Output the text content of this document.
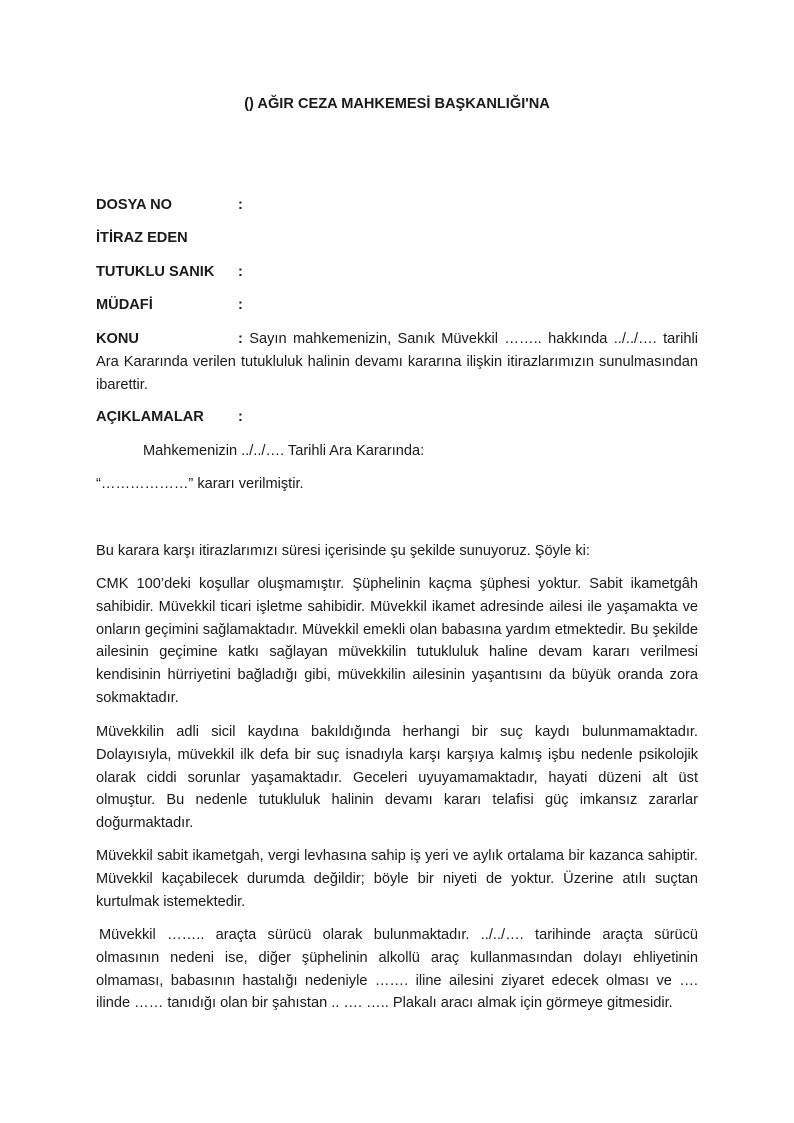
() AĞIR CEZA MAHKEMESİ BAŞKANLIĞI'NA
DOSYA NO	:
İTİRAZ EDEN
TUTUKLU SANIK :
MÜDAFİ	:
KONU	: Sayın mahkemenizin, Sanık Müvekkil …….. hakkında ../../…. tarihli Ara Kararında verilen tutukluluk halinin devamı kararına ilişkin itirazlarımızın sunulmasından ibarettir.
AÇIKLAMALAR :
Mahkemenizin ../../…. Tarihli Ara Kararında:
“………………” kararı verilmiştir.
Bu karara karşı itirazlarımızı süresi içerisinde şu şekilde sunuyoruz. Şöyle ki:
CMK 100’deki koşullar oluşmamıştır. Şüphelinin kaçma şüphesi yoktur. Sabit ikametgâh sahibidir. Müvekkil ticari işletme sahibidir. Müvekkil ikamet adresinde ailesi ile yaşamakta ve onların geçimini sağlamaktadır. Müvekkil emekli olan babasına yardım etmektedir. Bu şekilde ailesinin geçimine katkı sağlayan müvekkilin tutukluluk haline devam kararı verilmesi kendisinin hürriyetini bağladığı gibi, müvekkilin ailesinin yaşantısını da büyük oranda zora sokmaktadır.
Müvekkilin adli sicil kaydına bakıldığında herhangi bir suç kaydı bulunmamaktadır. Dolayısıyla, müvekkil ilk defa bir suç isnadıyla karşı karşıya kalmış işbu nedenle psikolojik olarak ciddi sorunlar yaşamaktadır. Geceleri uyuyamamaktadır, hayati düzeni alt üst olmuştur. Bu nedenle tutukluluk halinin devamı kararı telafisi güç imkansız zararlar doğurmaktadır.
Müvekkil sabit ikametgah, vergi levhasına sahip iş yeri ve aylık ortalama bir kazanca sahiptir. Müvekkil kaçabilecek durumda değildir; böyle bir niyeti de yoktur. Üzerine atılı suçtan kurtulmak istemektedir.
Müvekkil …….. araçta sürücü olarak bulunmaktadır. ../../…. tarihinde araçta sürücü olmasının nedeni ise, diğer şüphelinin alkollü araç kullanmasından dolayı ehliyetinin olmaması, babasının hastalığı nedeniyle ……. iline ailesini ziyaret edecek olması ve …. ilinde …… tanıdığı olan bir şahıstan .. …. ….. Plakalı aracı almak için görmeye gitmesidir.
